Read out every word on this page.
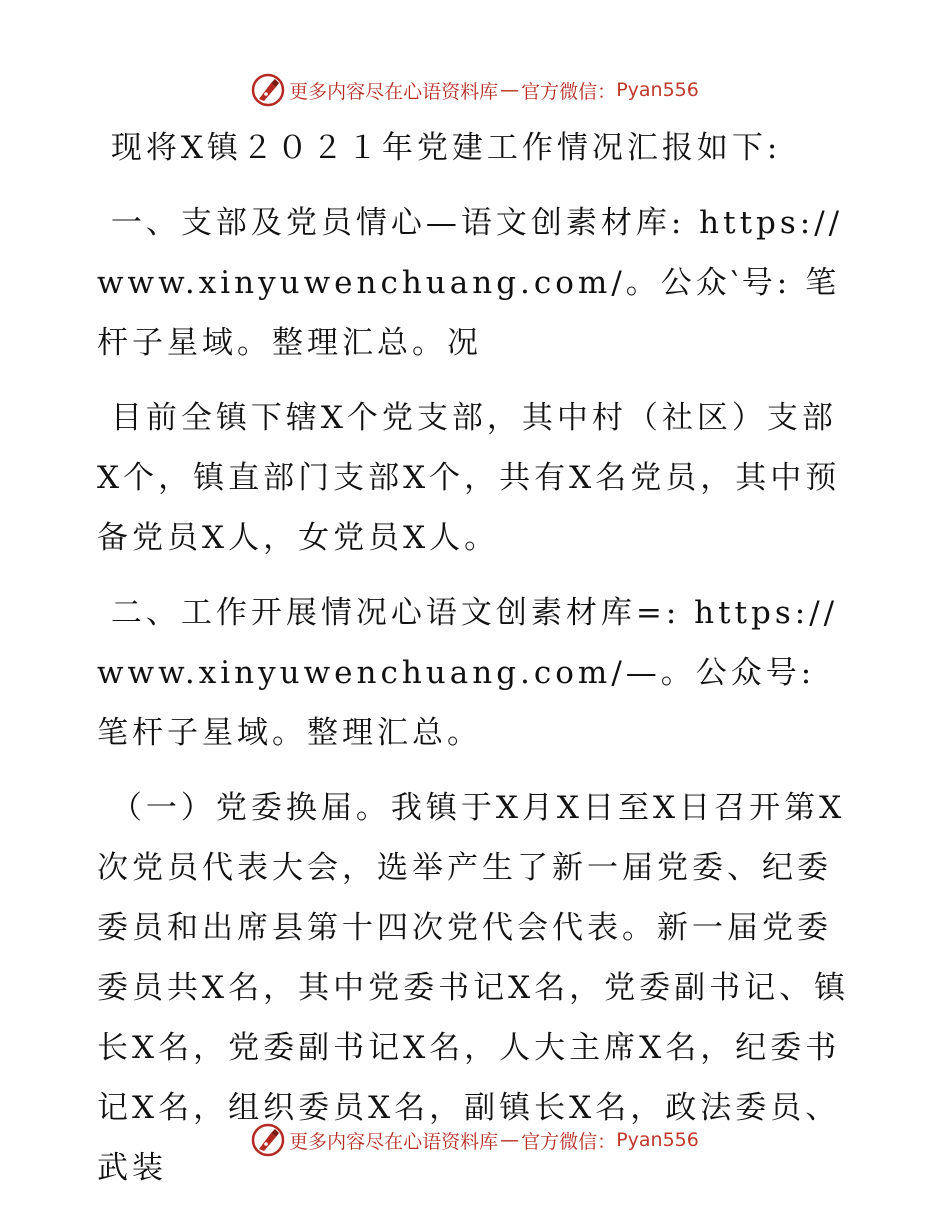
更多内容尽在心语资料库 — 官方微信： Pyan556

现将X镇２０２１年党建工作情况汇报如下:

一、支部及党员情心—语文创素材库: https://www.xinyuwenchuang.com/。公众‵号: 笔杆子星域。整理汇总。况

目前全镇下辖X个党支部，其中村（社区）支部X个，镇直部门支部X个，共有X名党员，其中预备党员X人，女党员X人。

二、工作开展情况心语文创素材库=: https://www.xinyuwenchuang.com/—。公众号: 笔杆子星域。整理汇总。

（一）党委换届。我镇于X月X日至X日召开第X次党员代表大会，选举产生了新一届党委、纪委委员和出席县第十四次党代会代表。新一届党委委员共X名，其中党委书记X名，党委副书记、镇长X名，党委副书记X名，人大主席X名，纪委书记X名，组织委员X名，副镇长X名，政法委员、武装

更多内容尽在心语资料库 — 官方微信： Pyan556
